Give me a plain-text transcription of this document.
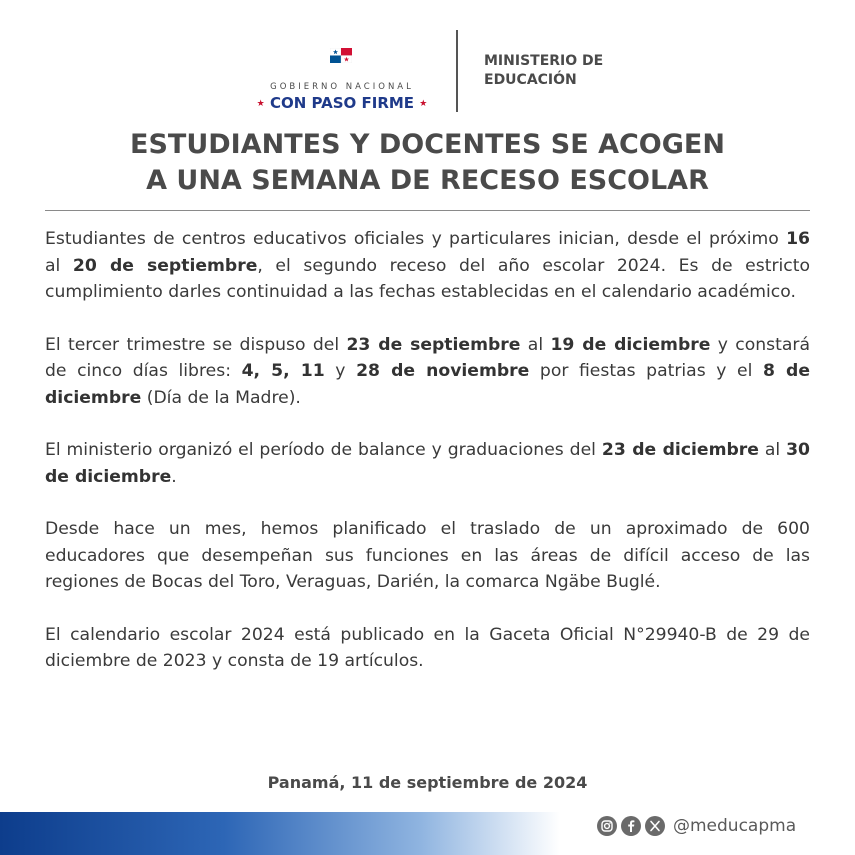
GOBIERNO NACIONAL
★ CON PASO FIRME ★
MINISTERIO DE
EDUCACIÓN
ESTUDIANTES Y DOCENTES SE ACOGEN
A UNA SEMANA DE RECESO ESCOLAR

Estudiantes de centros educativos oficiales y particulares inician, desde el próximo 16 al 20 de septiembre, el segundo receso del año escolar 2024. Es de estricto cumplimiento darles continuidad a las fechas establecidas en el calendario académico.

El tercer trimestre se dispuso del 23 de septiembre al 19 de diciembre y constará de cinco días libres: 4, 5, 11 y 28 de noviembre por fiestas patrias y el 8 de diciembre (Día de la Madre).

El ministerio organizó el período de balance y graduaciones del 23 de diciembre al 30 de diciembre.

Desde hace un mes, hemos planificado el traslado de un aproximado de 600 educadores que desempeñan sus funciones en las áreas de difícil acceso de las regiones de Bocas del Toro, Veraguas, Darién, la comarca Ngäbe Buglé.

El calendario escolar 2024 está publicado en la Gaceta Oficial N°29940-B de 29 de diciembre de 2023 y consta de 19 artículos.

Panamá, 11 de septiembre de 2024
@meducapma
